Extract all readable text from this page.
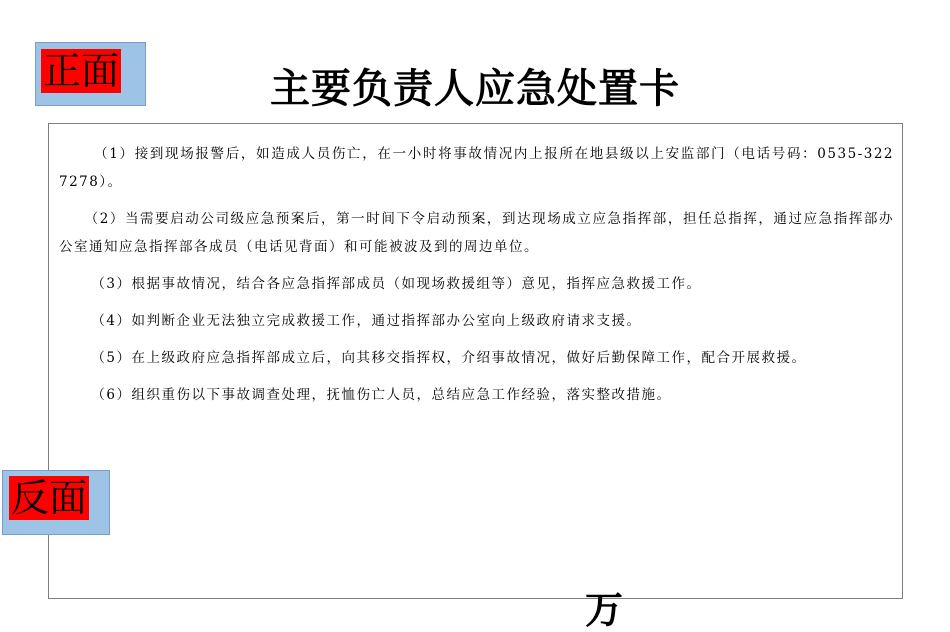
正面	主要负责人应急处置卡

（1）接到现场报警后，如造成人员伤亡，在一小时将事故情况内上报所在地县级以上安监部门（电话号码：0535-3227278）。

（2）当需要启动公司级应急预案后，第一时间下令启动预案，到达现场成立应急指挥部，担任总指挥，通过应急指挥部办公室通知应急指挥部各成员（电话见背面）和可能被波及到的周边单位。

（3）根据事故情况，结合各应急指挥部成员（如现场救援组等）意见，指挥应急救援工作。

（4）如判断企业无法独立完成救援工作，通过指挥部办公室向上级政府请求支援。

（5）在上级政府应急指挥部成立后，向其移交指挥权，介绍事故情况，做好后勤保障工作，配合开展救援。

（6）组织重伤以下事故调查处理，抚恤伤亡人员，总结应急工作经验，落实整改措施。

反面
万
